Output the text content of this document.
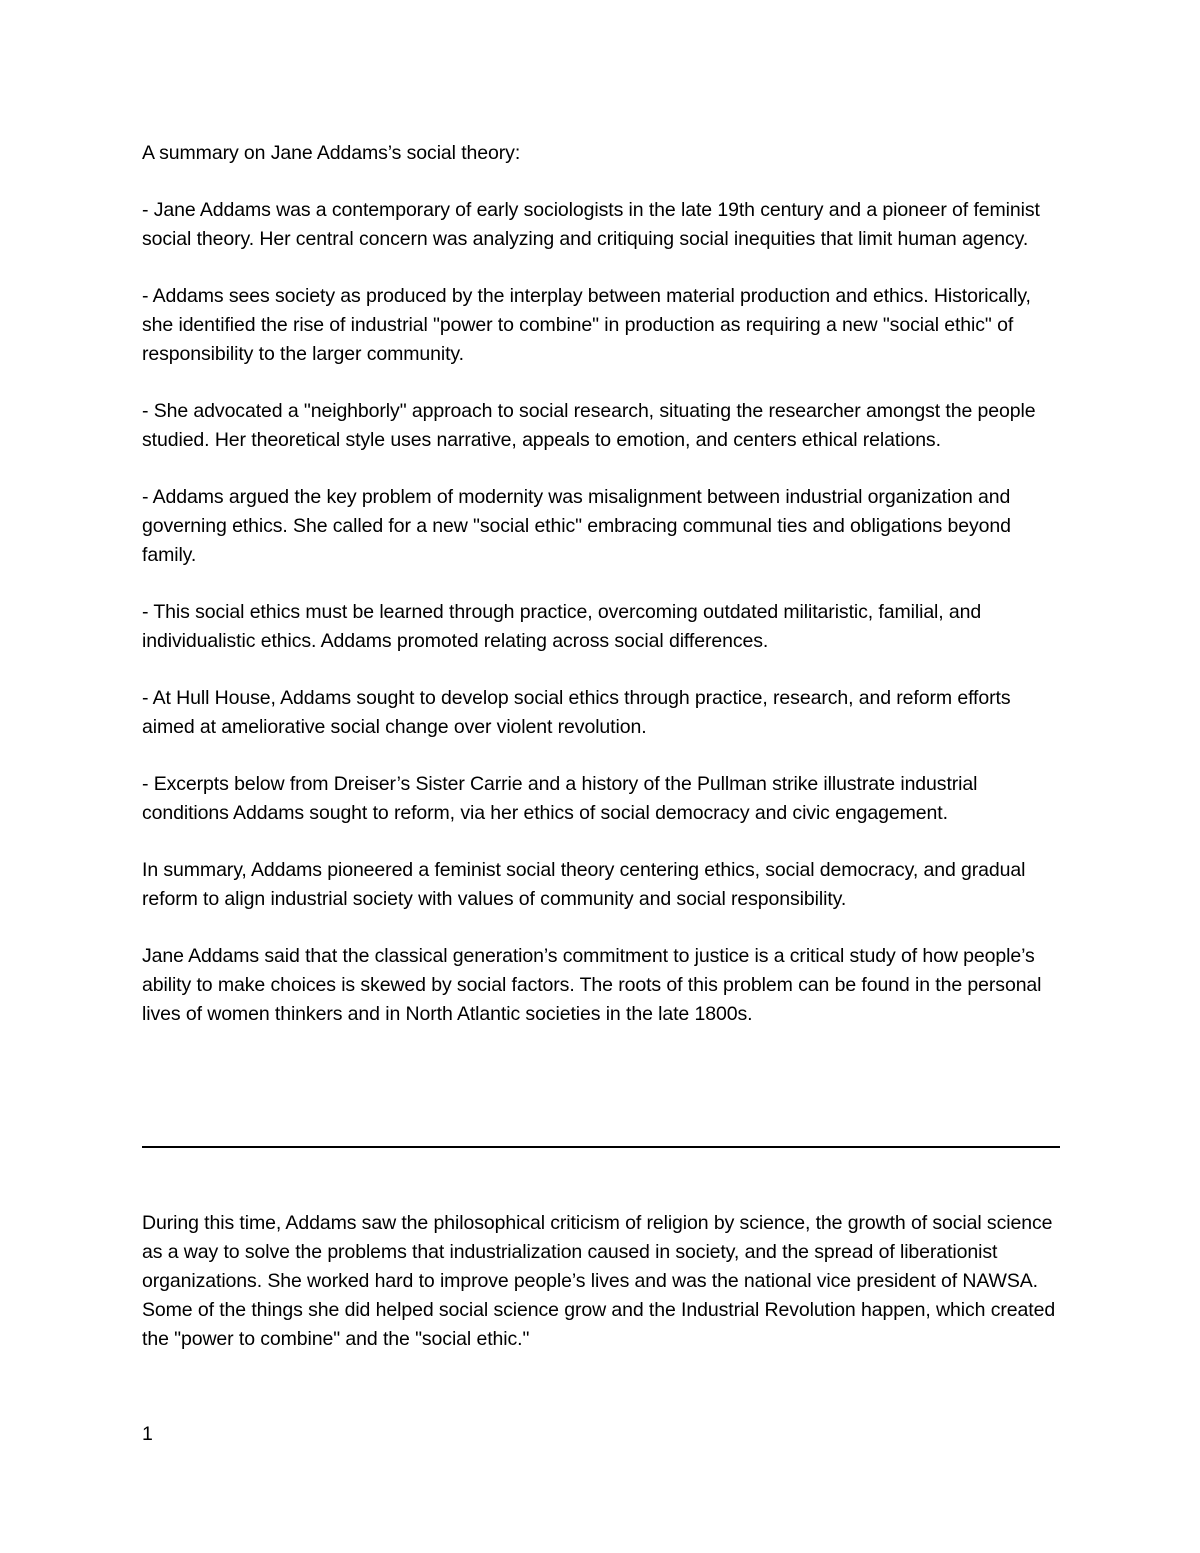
A summary on Jane Addams’s social theory:

- Jane Addams was a contemporary of early sociologists in the late 19th century and a pioneer of feminist social theory. Her central concern was analyzing and critiquing social inequities that limit human agency.

- Addams sees society as produced by the interplay between material production and ethics. Historically, she identified the rise of industrial "power to combine" in production as requiring a new "social ethic" of responsibility to the larger community.

- She advocated a "neighborly" approach to social research, situating the researcher amongst the people studied. Her theoretical style uses narrative, appeals to emotion, and centers ethical relations.

- Addams argued the key problem of modernity was misalignment between industrial organization and governing ethics. She called for a new "social ethic" embracing communal ties and obligations beyond family.

- This social ethics must be learned through practice, overcoming outdated militaristic, familial, and individualistic ethics. Addams promoted relating across social differences.

- At Hull House, Addams sought to develop social ethics through practice, research, and reform efforts aimed at ameliorative social change over violent revolution.

- Excerpts below from Dreiser’s Sister Carrie and a history of the Pullman strike illustrate industrial conditions Addams sought to reform, via her ethics of social democracy and civic engagement.

In summary, Addams pioneered a feminist social theory centering ethics, social democracy, and gradual reform to align industrial society with values of community and social responsibility.

Jane Addams said that the classical generation’s commitment to justice is a critical study of how people’s ability to make choices is skewed by social factors. The roots of this problem can be found in the personal lives of women thinkers and in North Atlantic societies in the late 1800s.

During this time, Addams saw the philosophical criticism of religion by science, the growth of social science as a way to solve the problems that industrialization caused in society, and the spread of liberationist organizations. She worked hard to improve people’s lives and was the national vice president of NAWSA. Some of the things she did helped social science grow and the Industrial Revolution happen, which created the "power to combine" and the "social ethic."

1
